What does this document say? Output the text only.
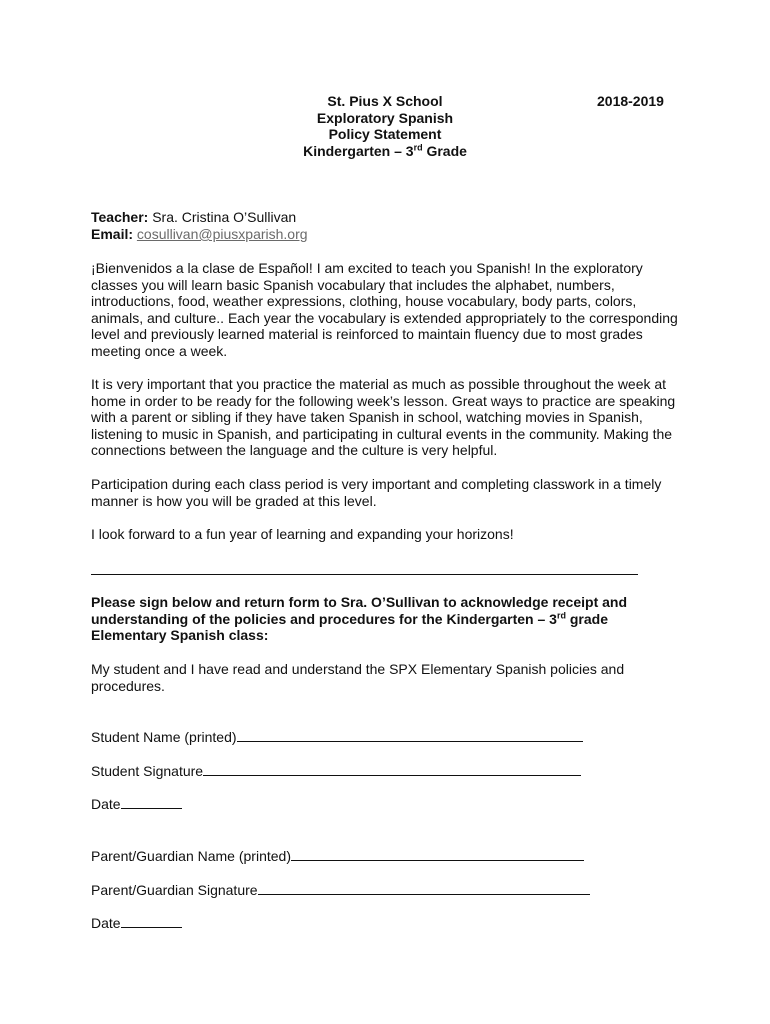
St. Pius X School
Exploratory Spanish
Policy Statement
Kindergarten – 3rd Grade
2018-2019
Teacher: Sra. Cristina O’Sullivan
Email: cosullivan@piusxparish.org
¡Bienvenidos a la clase de Español! I am excited to teach you Spanish! In the exploratory
classes you will learn basic Spanish vocabulary that includes the alphabet, numbers,
introductions, food, weather expressions, clothing, house vocabulary, body parts, colors,
animals, and culture.. Each year the vocabulary is extended appropriately to the corresponding
level and previously learned material is reinforced to maintain fluency due to most grades
meeting once a week.
It is very important that you practice the material as much as possible throughout the week at
home in order to be ready for the following week’s lesson. Great ways to practice are speaking
with a parent or sibling if they have taken Spanish in school, watching movies in Spanish,
listening to music in Spanish, and participating in cultural events in the community. Making the
connections between the language and the culture is very helpful.
Participation during each class period is very important and completing classwork in a timely
manner is how you will be graded at this level.
I look forward to a fun year of learning and expanding your horizons!
Please sign below and return form to Sra. O’Sullivan to acknowledge receipt and
understanding of the policies and procedures for the Kindergarten – 3rd grade
Elementary Spanish class:
My student and I have read and understand the SPX Elementary Spanish policies and
procedures.
Student Name (printed)
Student Signature
Date
Parent/Guardian Name (printed)
Parent/Guardian Signature
Date
